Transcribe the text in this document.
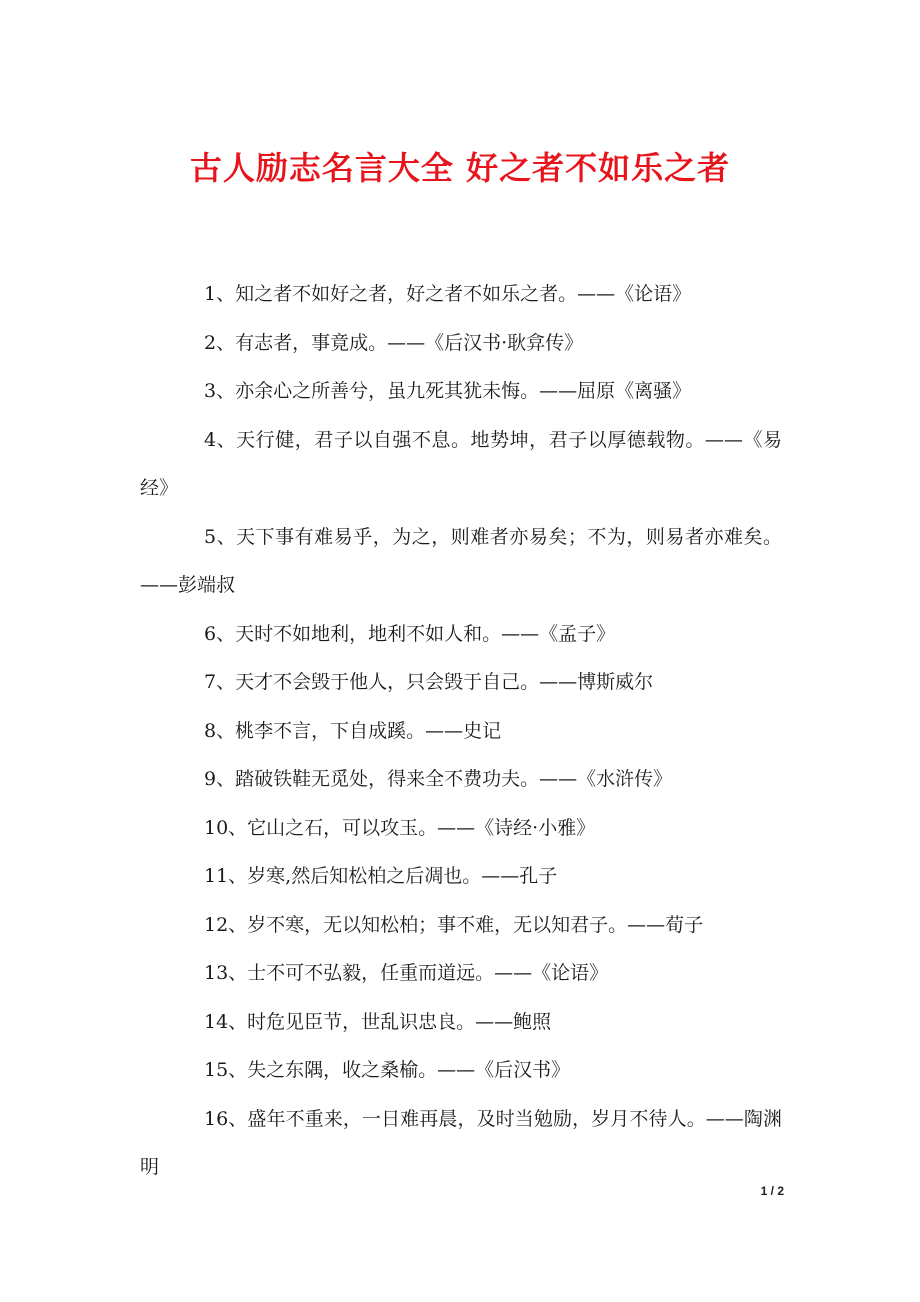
古人励志名言大全 好之者不如乐之者
1、知之者不如好之者，好之者不如乐之者。——《论语》
2、有志者，事竟成。——《后汉书·耿弇传》
3、亦余心之所善兮，虽九死其犹未悔。——屈原《离骚》
4、天行健，君子以自强不息。地势坤，君子以厚德载物。——《易经》
5、天下事有难易乎，为之，则难者亦易矣；不为，则易者亦难矣。——彭端叔
6、天时不如地利，地利不如人和。——《孟子》
7、天才不会毁于他人，只会毁于自己。——博斯威尔
8、桃李不言，下自成蹊。——史记
9、踏破铁鞋无觅处，得来全不费功夫。——《水浒传》
10、它山之石，可以攻玉。——《诗经·小雅》
11、岁寒,然后知松柏之后凋也。——孔子
12、岁不寒，无以知松柏；事不难，无以知君子。——荀子
13、士不可不弘毅，任重而道远。——《论语》
14、时危见臣节，世乱识忠良。——鲍照
15、失之东隅，收之桑榆。——《后汉书》
16、盛年不重来，一日难再晨，及时当勉励，岁月不待人。——陶渊明
1 / 2
